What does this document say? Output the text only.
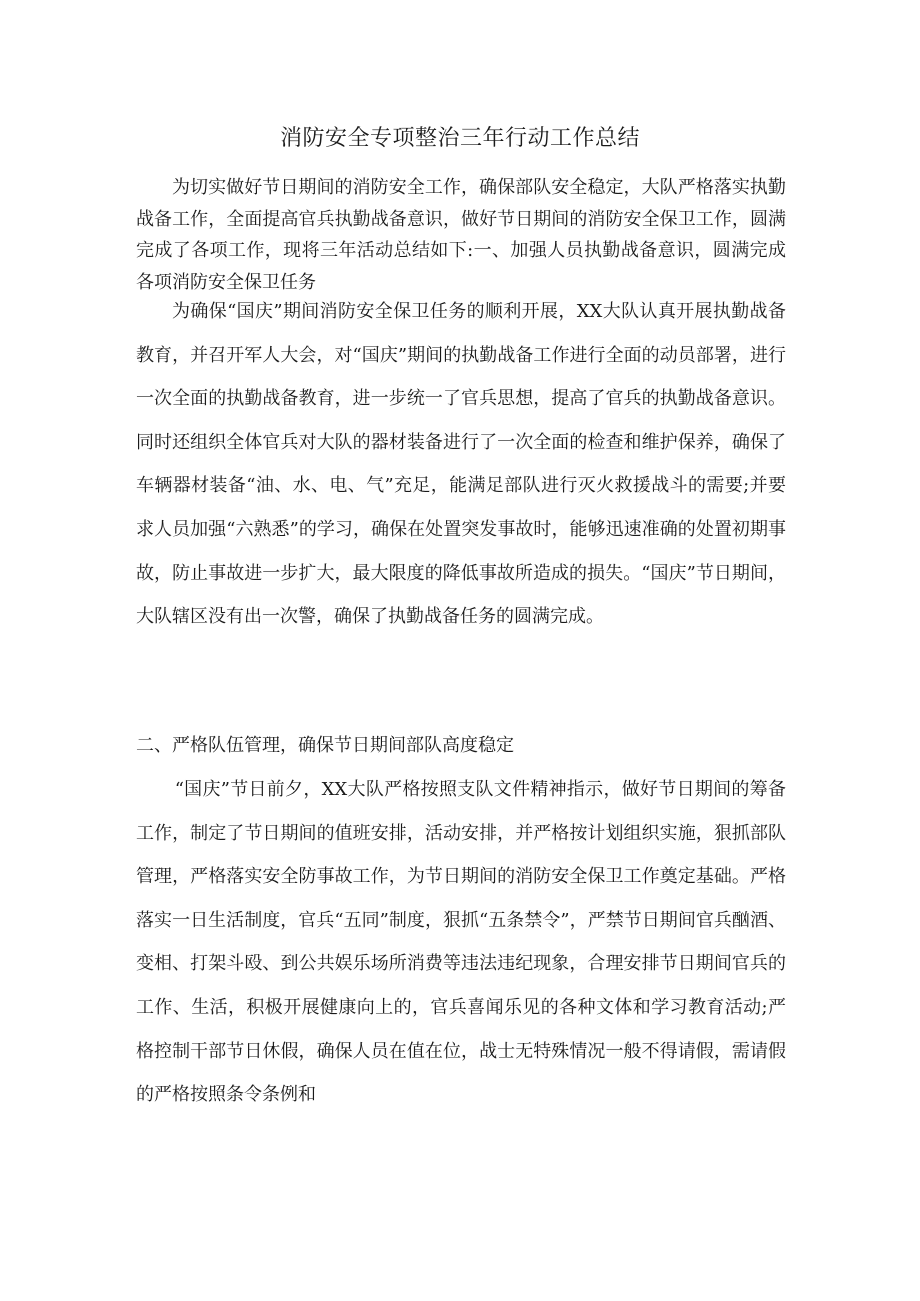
消防安全专项整治三年行动工作总结

为切实做好节日期间的消防安全工作，确保部队安全稳定，大队严格落实执勤战备工作，全面提高官兵执勤战备意识，做好节日期间的消防安全保卫工作，圆满完成了各项工作，现将三年活动总结如下:一、加强人员执勤战备意识，圆满完成各项消防安全保卫任务

为确保“国庆”期间消防安全保卫任务的顺利开展，XX大队认真开展执勤战备教育，并召开军人大会，对“国庆”期间的执勤战备工作进行全面的动员部署，进行一次全面的执勤战备教育，进一步统一了官兵思想，提高了官兵的执勤战备意识。同时还组织全体官兵对大队的器材装备进行了一次全面的检查和维护保养，确保了车辆器材装备“油、水、电、气”充足，能满足部队进行灭火救援战斗的需要;并要求人员加强“六熟悉”的学习，确保在处置突发事故时，能够迅速准确的处置初期事故，防止事故进一步扩大，最大限度的降低事故所造成的损失。“国庆”节日期间，大队辖区没有出一次警，确保了执勤战备任务的圆满完成。

二、严格队伍管理，确保节日期间部队高度稳定

“国庆”节日前夕，XX大队严格按照支队文件精神指示，做好节日期间的筹备工作，制定了节日期间的值班安排，活动安排，并严格按计划组织实施，狠抓部队管理，严格落实安全防事故工作，为节日期间的消防安全保卫工作奠定基础。严格落实一日生活制度，官兵“五同”制度，狠抓“五条禁令”，严禁节日期间官兵酗酒、变相、打架斗殴、到公共娱乐场所消费等违法违纪现象，合理安排节日期间官兵的工作、生活，积极开展健康向上的，官兵喜闻乐见的各种文体和学习教育活动;严格控制干部节日休假，确保人员在值在位，战士无特殊情况一般不得请假，需请假的严格按照条令条例和
